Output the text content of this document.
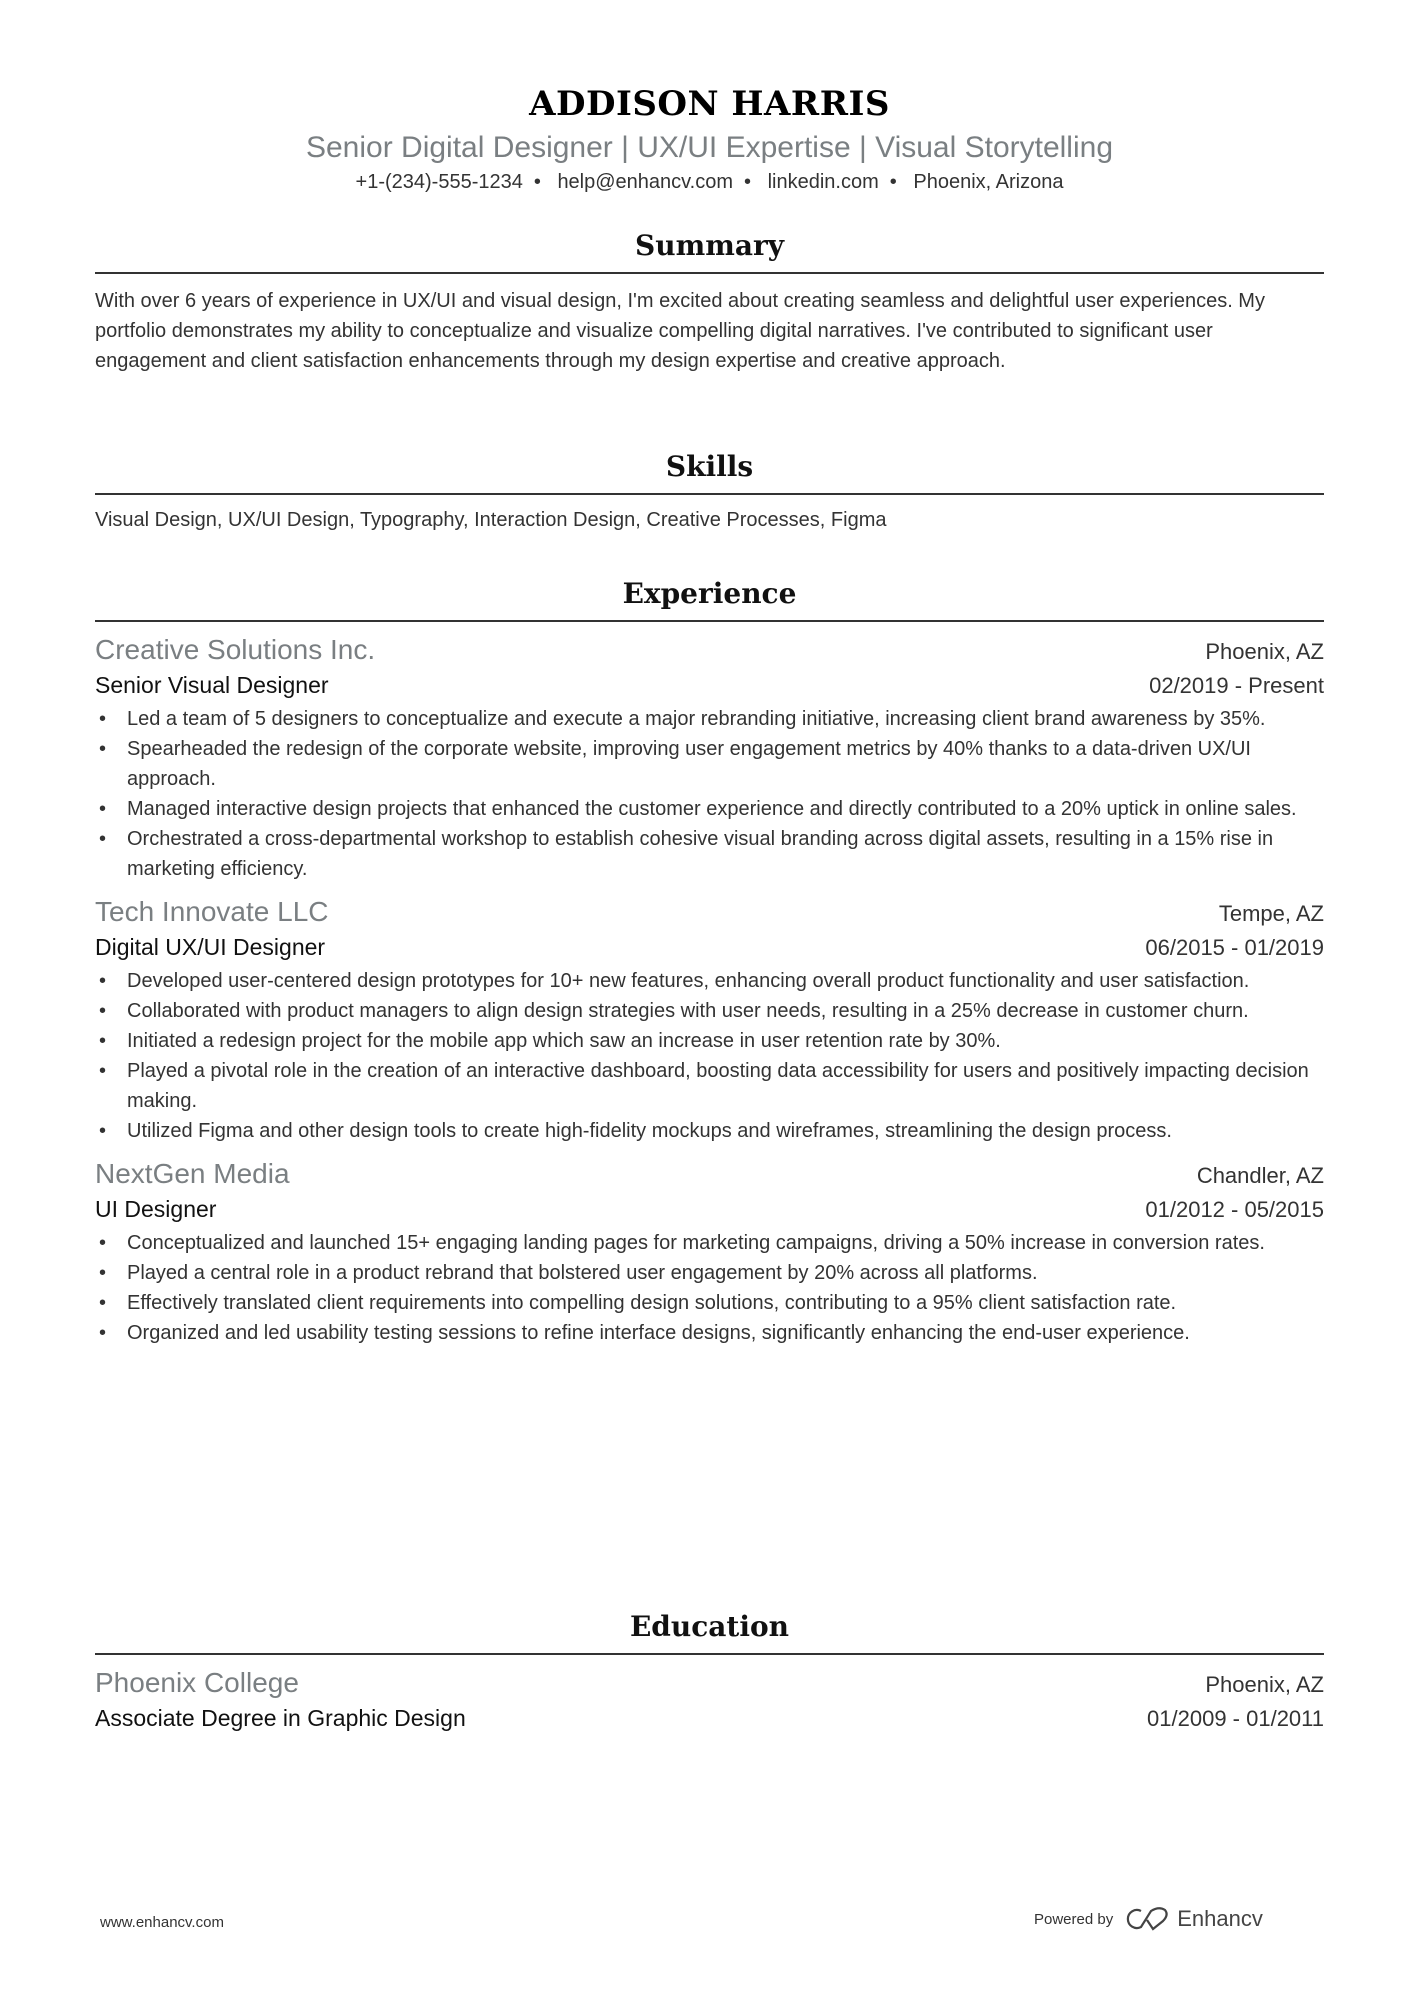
ADDISON HARRIS
Senior Digital Designer | UX/UI Expertise | Visual Storytelling
+1-(234)-555-1234 • help@enhancv.com • linkedin.com • Phoenix, Arizona
Summary

With over 6 years of experience in UX/UI and visual design, I'm excited about creating seamless and delightful user experiences. My portfolio demonstrates my ability to conceptualize and visualize compelling digital narratives. I've contributed to significant user engagement and client satisfaction enhancements through my design expertise and creative approach.

Skills

Visual Design, UX/UI Design, Typography, Interaction Design, Creative Processes, Figma

Experience
Creative Solutions Inc.	Phoenix, AZ
Senior Visual Designer	02/2019 - Present
• Led a team of 5 designers to conceptualize and execute a major rebranding initiative, increasing client brand awareness by 35%.
• Spearheaded the redesign of the corporate website, improving user engagement metrics by 40% thanks to a data-driven UX/UI approach.
• Managed interactive design projects that enhanced the customer experience and directly contributed to a 20% uptick in online sales.
• Orchestrated a cross-departmental workshop to establish cohesive visual branding across digital assets, resulting in a 15% rise in marketing efficiency.
Tech Innovate LLC	Tempe, AZ
Digital UX/UI Designer	06/2015 - 01/2019
• Developed user-centered design prototypes for 10+ new features, enhancing overall product functionality and user satisfaction.
• Collaborated with product managers to align design strategies with user needs, resulting in a 25% decrease in customer churn.
• Initiated a redesign project for the mobile app which saw an increase in user retention rate by 30%.
• Played a pivotal role in the creation of an interactive dashboard, boosting data accessibility for users and positively impacting decision making.
• Utilized Figma and other design tools to create high-fidelity mockups and wireframes, streamlining the design process.
NextGen Media	Chandler, AZ
UI Designer	01/2012 - 05/2015
• Conceptualized and launched 15+ engaging landing pages for marketing campaigns, driving a 50% increase in conversion rates.
• Played a central role in a product rebrand that bolstered user engagement by 20% across all platforms.
• Effectively translated client requirements into compelling design solutions, contributing to a 95% client satisfaction rate.
• Organized and led usability testing sessions to refine interface designs, significantly enhancing the end-user experience.
Education
Phoenix College	Phoenix, AZ
Associate Degree in Graphic Design	01/2009 - 01/2011
www.enhancv.com	Powered by	Enhancv
